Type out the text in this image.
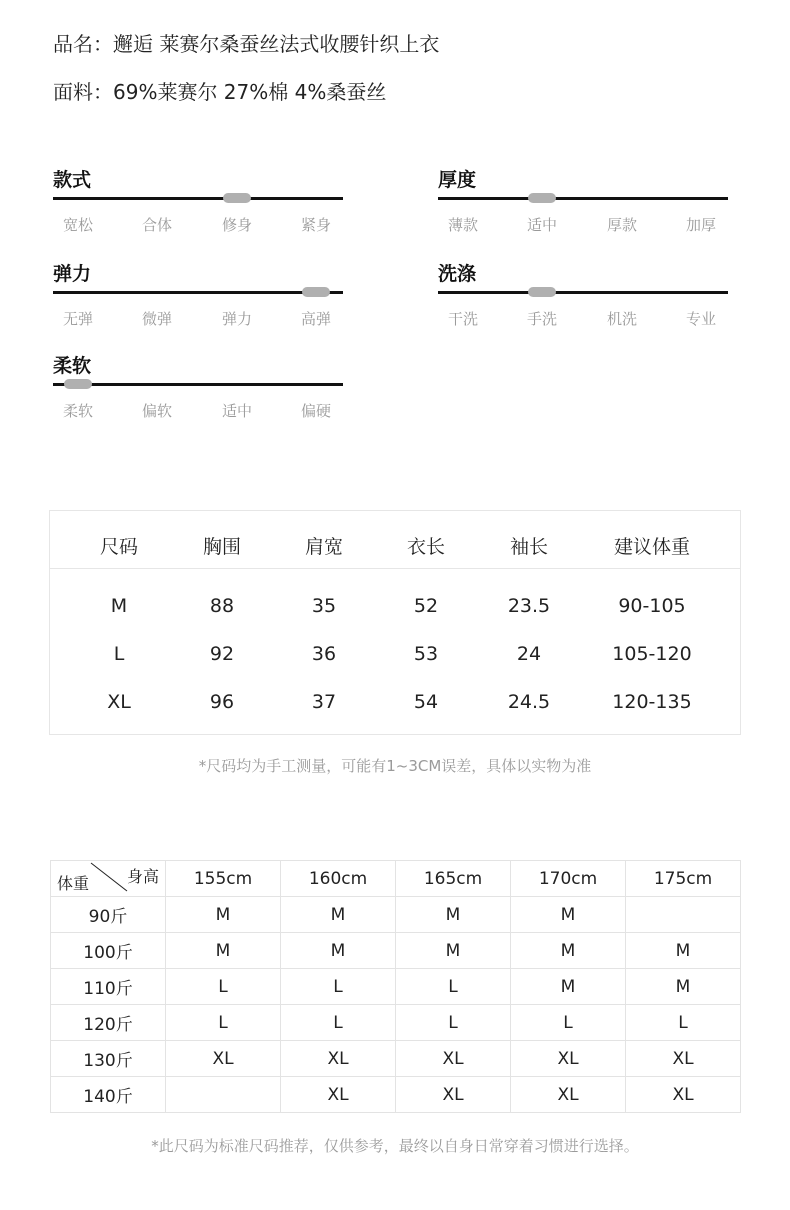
品名：邂逅 莱赛尔桑蚕丝法式收腰针织上衣
面料：69%莱赛尔 27%棉 4%桑蚕丝
款式
宽松	合体	修身	紧身
厚度
薄款	适中	厚款	加厚
弹力
无弹	微弹	弹力	高弹
洗涤
干洗	手洗	机洗	专业
柔软
柔软	偏软	适中	偏硬
尺码	胸围	肩宽	衣长	袖长	建议体重
M	88	35	52	23.5	90-105
L	92	36	53	24	105-120
XL	96	37	54	24.5	120-135
*尺码均为手工测量，可能有1~3CM误差，具体以实物为准
体重 身高	155cm	160cm	165cm	170cm	175cm
90斤	M	M	M	M	
100斤	M	M	M	M	M
110斤	L	L	L	M	M
120斤	L	L	L	L	L
130斤	XL	XL	XL	XL	XL
140斤		XL	XL	XL	XL
*此尺码为标准尺码推荐，仅供参考，最终以自身日常穿着习惯进行选择。
